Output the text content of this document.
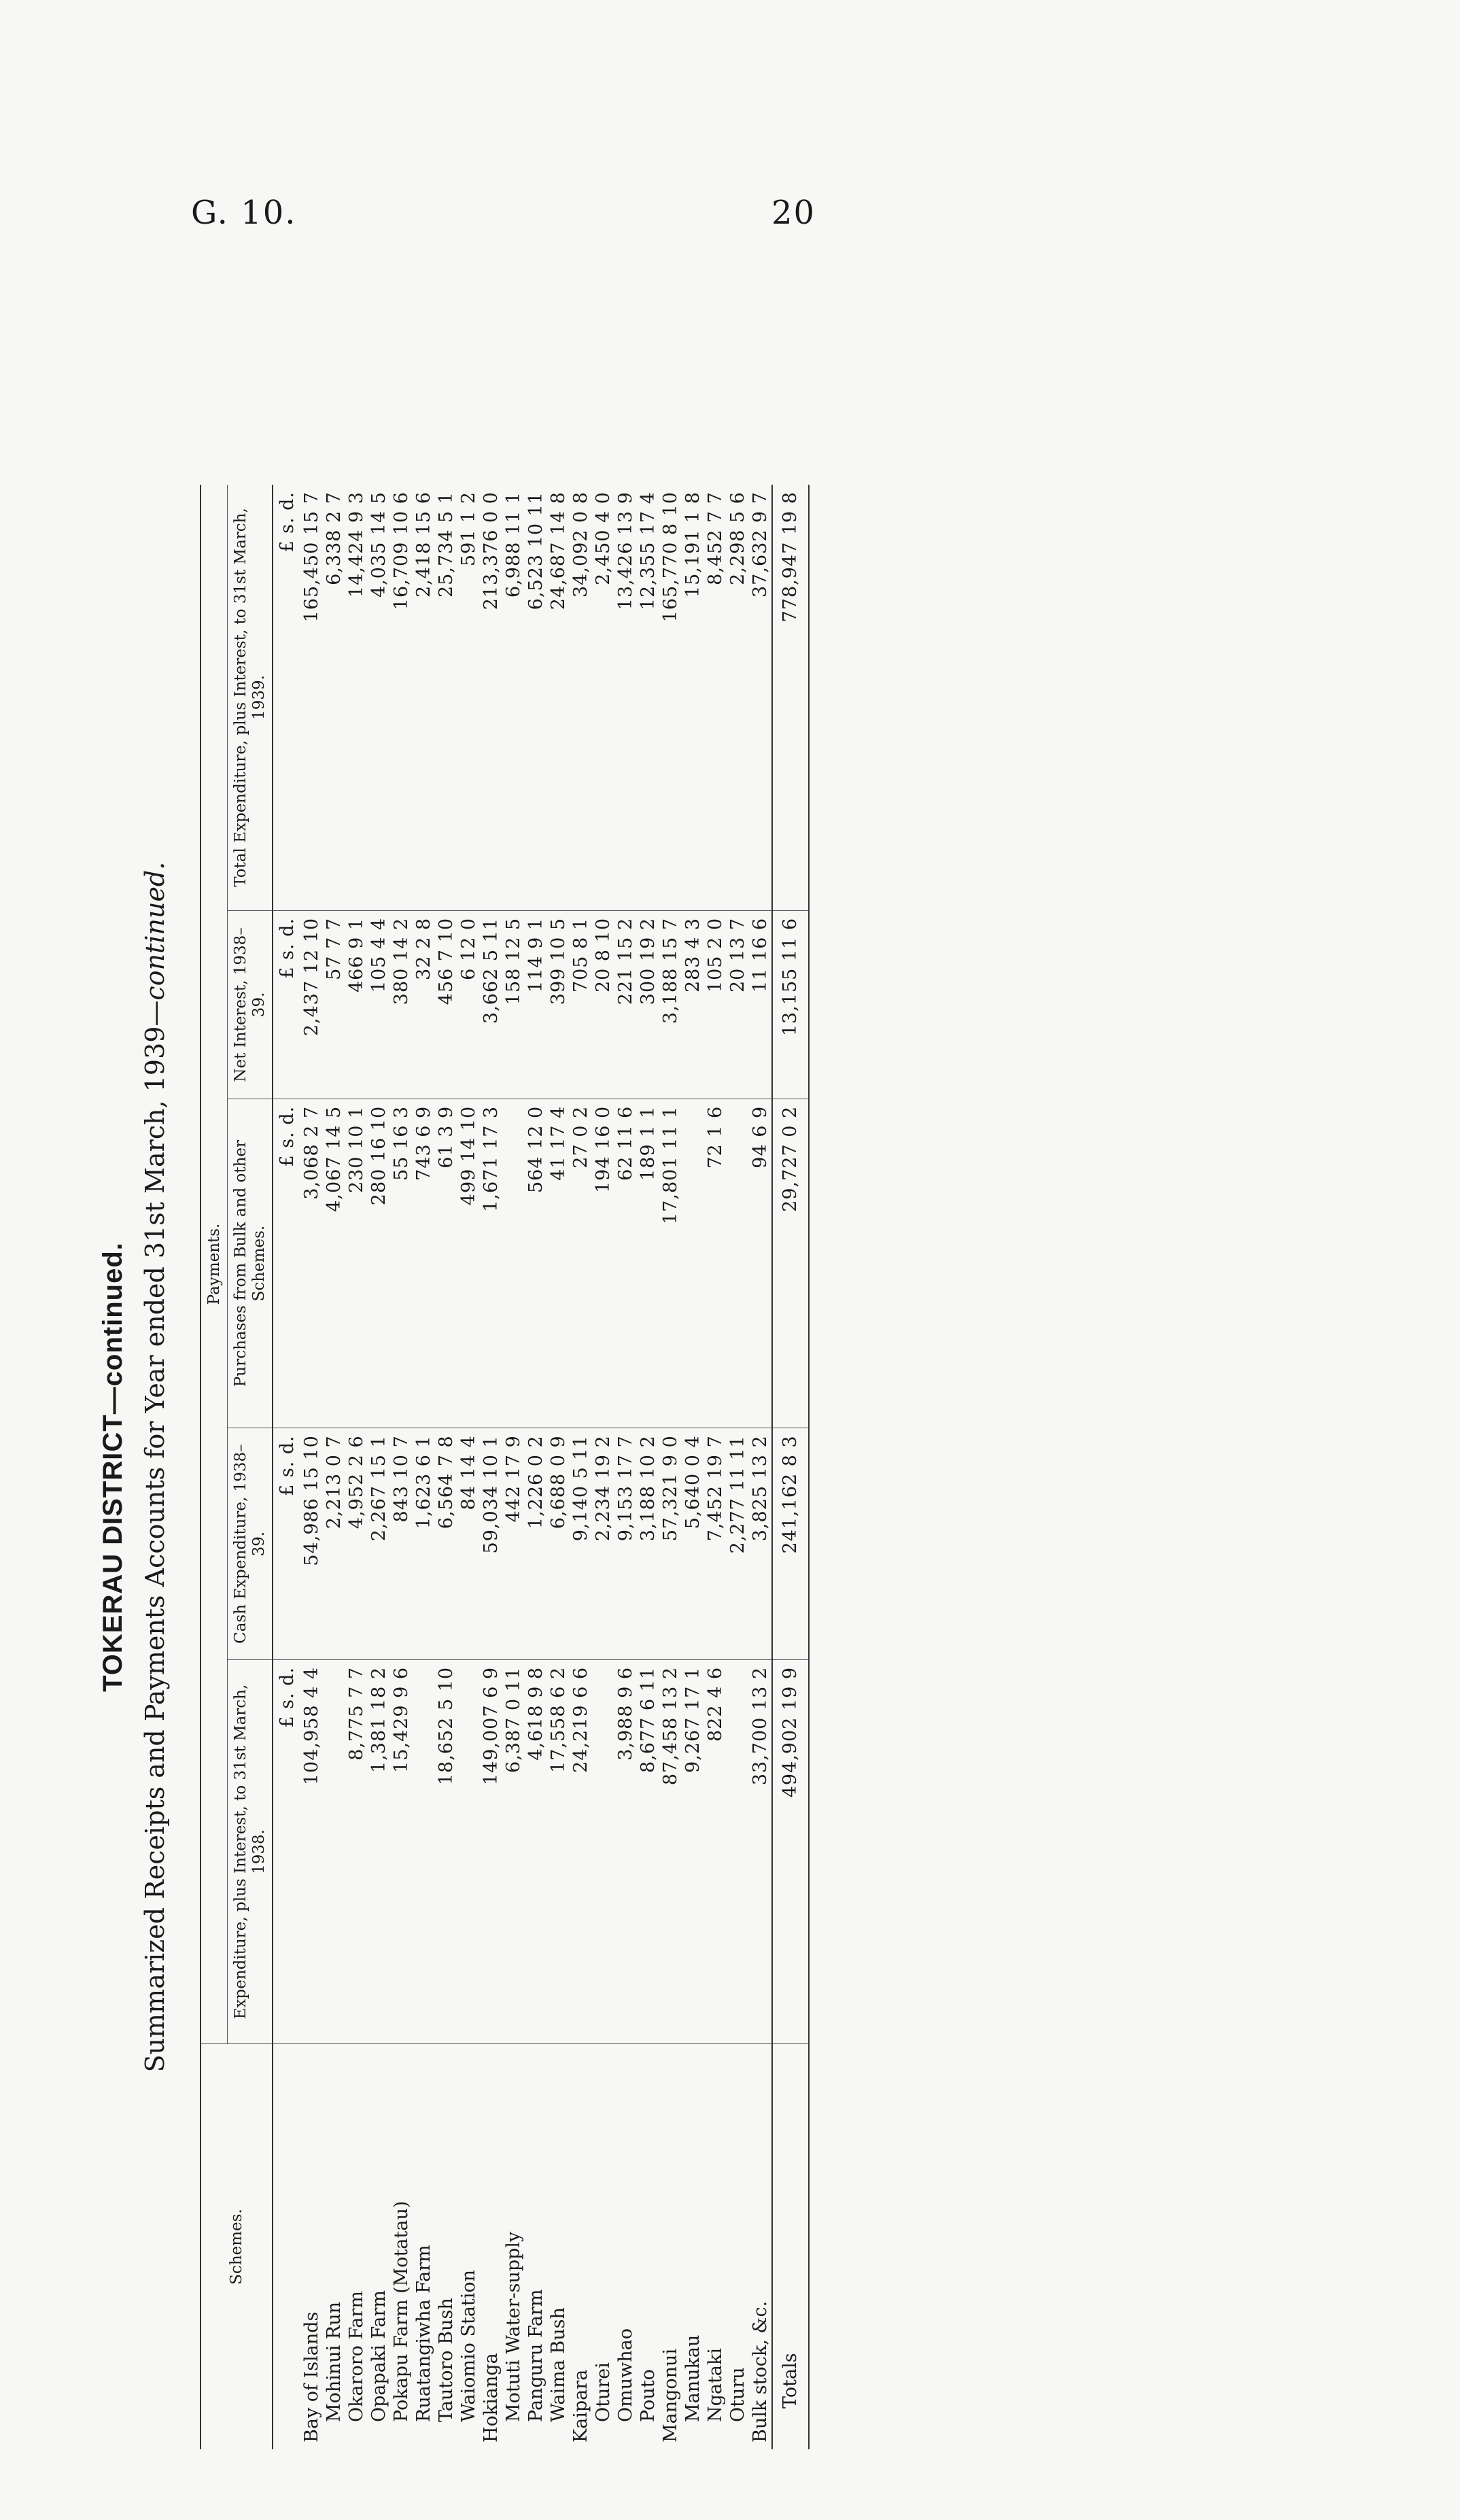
G. 10.	20
TOKERAU DISTRICT—continued. Summarized Receipts and Payments Accounts for Year ended 31st March, 1939—continued.
Schemes.	Payments.				
	Expenditure, plus Interest, to 31st March, 1938.	Cash Expenditure, 1938–39.	Purchases from Bulk and other Schemes.	Net Interest, 1938–39.	Total Expenditure, plus Interest, to 31st March, 1939.
	£ s. d.	£ s. d.	£ s. d.	£ s. d.	£ s. d.
Bay of Islands	104,958 4 4	54,986 15 10	3,068 2 7	2,437 12 10	165,450 15 7
Mohinui Run		2,213 0 7	4,067 14 5	57 7 7	6,338 2 7
Okaroro Farm	8,775 7 7	4,952 2 6	230 10 1	466 9 1	14,424 9 3
Opapaki Farm	1,381 18 2	2,267 15 1	280 16 10	105 4 4	4,035 14 5
Pokapu Farm (Motatau)	15,429 9 6	843 10 7	55 16 3	380 14 2	16,709 10 6
Ruatangiwha Farm		1,623 6 1	743 6 9	32 2 8	2,418 15 6
Tautoro Bush	18,652 5 10	6,564 7 8	61 3 9	456 7 10	25,734 5 1
Waiomio Station		84 14 4	499 14 10	6 12 0	591 1 2
Hokianga	149,007 6 9	59,034 10 1	1,671 17 3	3,662 5 11	213,376 0 0
Motuti Water-supply	6,387 0 11	442 17 9		158 12 5	6,988 11 1
Panguru Farm	4,618 9 8	1,226 0 2	564 12 0	114 9 1	6,523 10 11
Waima Bush	17,558 6 2	6,688 0 9	41 17 4	399 10 5	24,687 14 8
Kaipara	24,219 6 6	9,140 5 11	27 0 2	705 8 1	34,092 0 8
Oturei		2,234 19 2	194 16 0	20 8 10	2,450 4 0
Omuwhao	3,988 9 6	9,153 17 7	62 11 6	221 15 2	13,426 13 9
Pouto	8,677 6 11	3,188 10 2	189 1 1	300 19 2	12,355 17 4
Mangonui	87,458 13 2	57,321 9 0	17,801 11 1	3,188 15 7	165,770 8 10
Manukau	9,267 17 1	5,640 0 4		283 4 3	15,191 1 8
Ngataki	822 4 6	7,452 19 7	72 1 6	105 2 0	8,452 7 7
Oturu		2,277 11 11		20 13 7	2,298 5 6
Bulk stock, &c.	33,700 13 2	3,825 13 2	94 6 9	11 16 6	37,632 9 7
Totals	494,902 19 9	241,162 8 3	29,727 0 2	13,155 11 6	778,947 19 8
